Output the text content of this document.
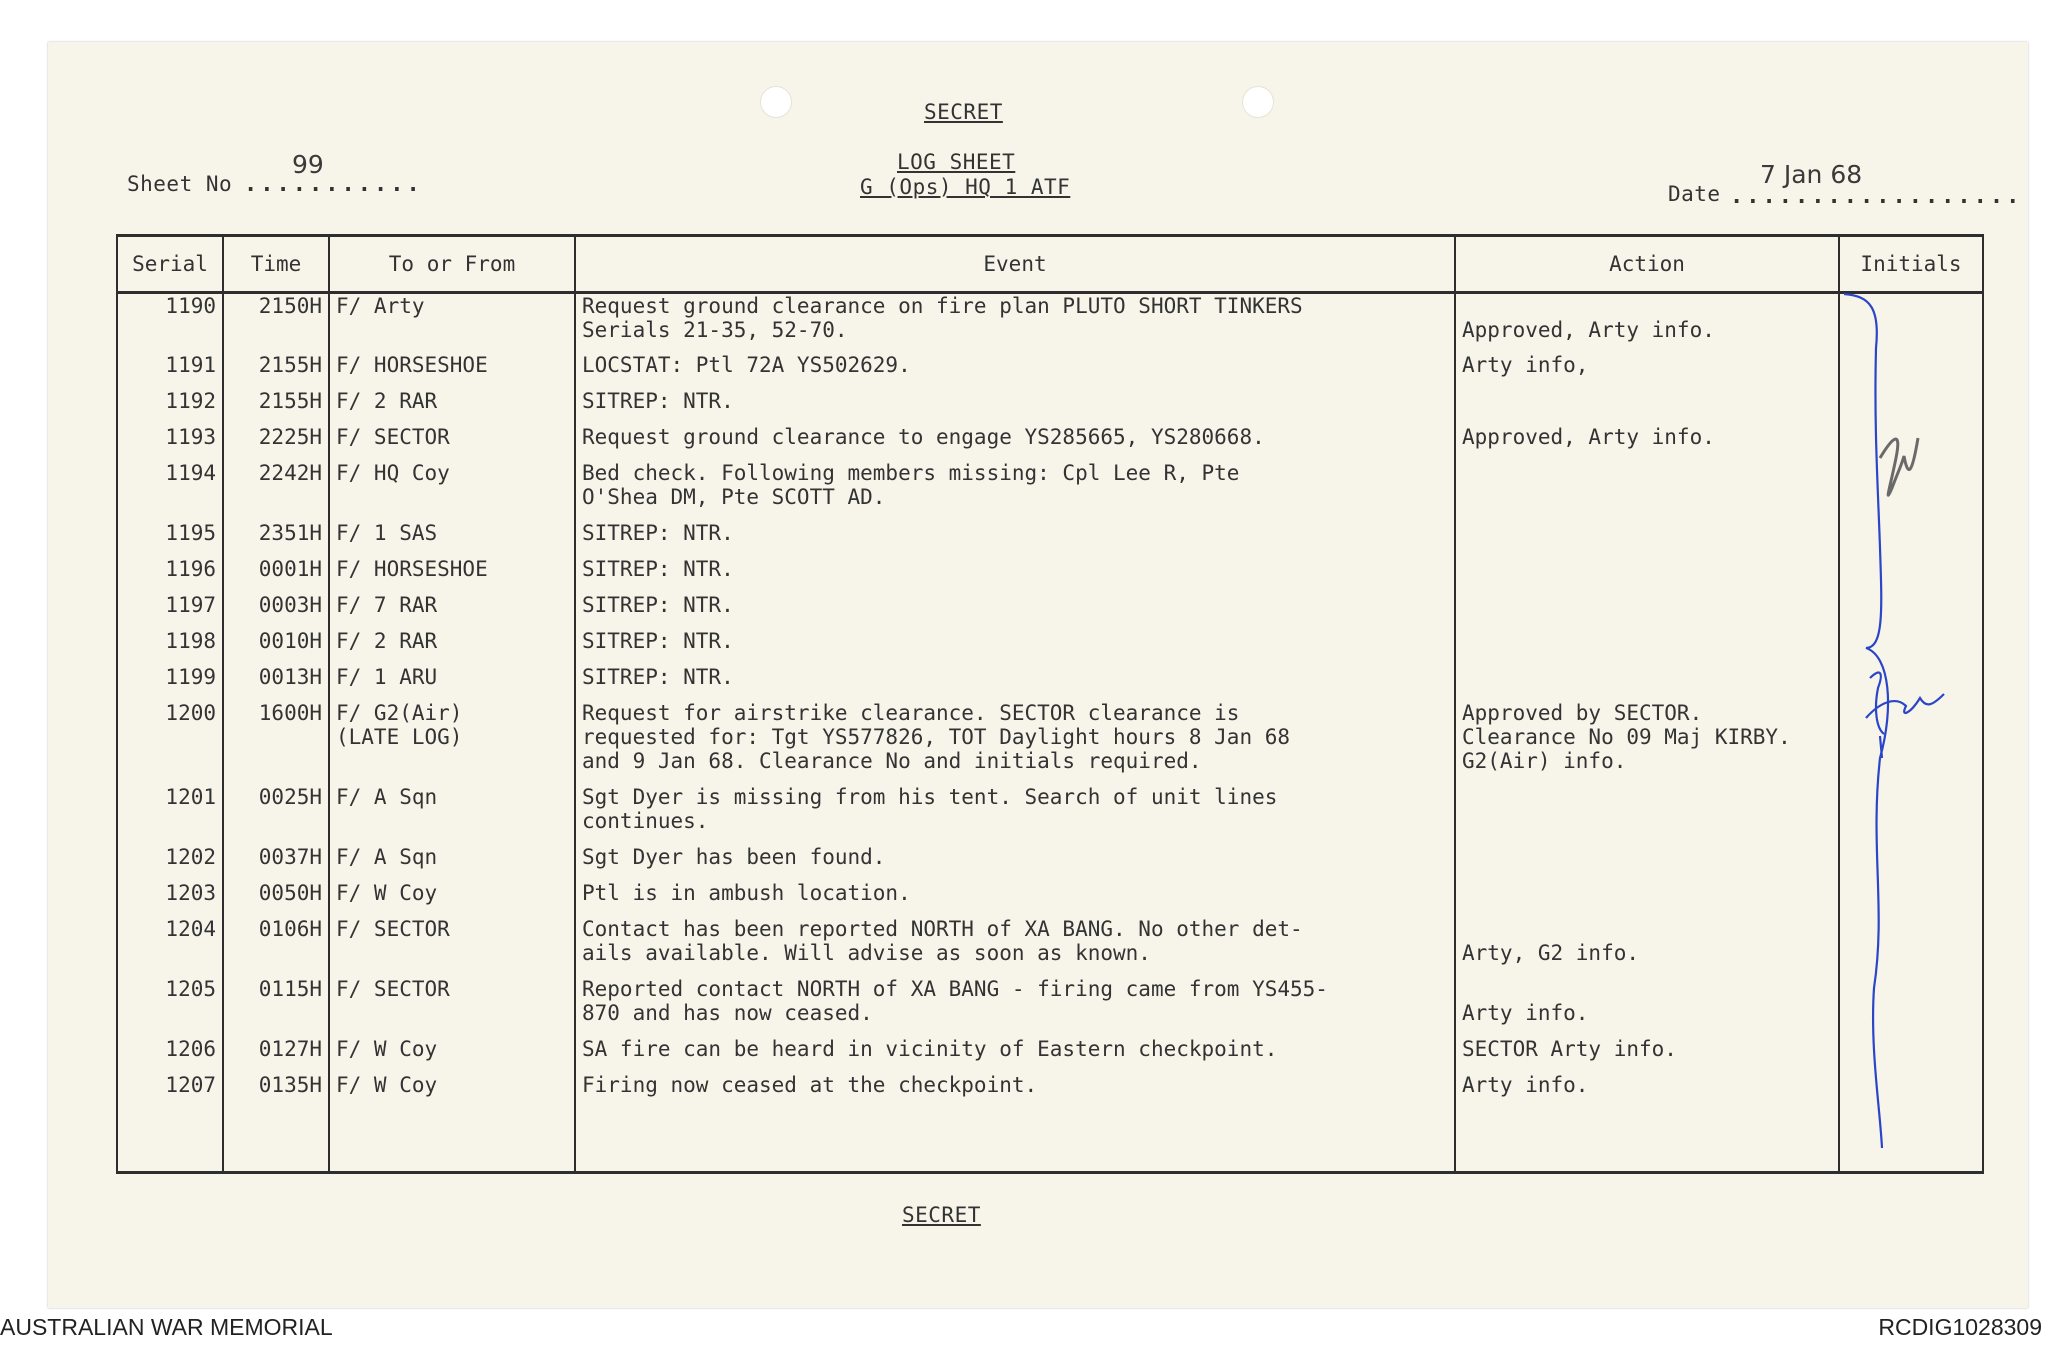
SECRET
LOG SHEET
G (Ops) HQ 1 ATF
Sheet No ...........
99
Date ..................
7 Jan 68
Serial	Time	To or From	Event	Action	Initials

1190	2150H	F/ Arty	Request ground clearance on fire plan PLUTO SHORT TINKERS
Serials 21-35, 52-70.	Approved, Arty info.	

1191	2155H	F/ HORSESHOE	LOCSTAT: Ptl 72A YS502629.	Arty info,	

1192	2155H	F/ 2 RAR	SITREP: NTR.		

1193	2225H	F/ SECTOR	Request ground clearance to engage YS285665, YS280668.	Approved, Arty info.	

1194	2242H	F/ HQ Coy	Bed check. Following members missing: Cpl Lee R, Pte
O'Shea DM, Pte SCOTT AD.		

1195	2351H	F/ 1 SAS	SITREP: NTR.		

1196	0001H	F/ HORSESHOE	SITREP: NTR.		

1197	0003H	F/ 7 RAR	SITREP: NTR.		

1198	0010H	F/ 2 RAR	SITREP: NTR.		

1199	0013H	F/ 1 ARU	SITREP: NTR.		

1200	1600H	F/ G2(Air)
(LATE LOG)	Request for airstrike clearance. SECTOR clearance is
requested for: Tgt YS577826, TOT Daylight hours 8 Jan 68
and 9 Jan 68. Clearance No and initials required.	Approved by SECTOR.
Clearance No 09 Maj KIRBY.
G2(Air) info.	

1201	0025H	F/ A Sqn	Sgt Dyer is missing from his tent. Search of unit lines
continues.		

1202	0037H	F/ A Sqn	Sgt Dyer has been found.		

1203	0050H	F/ W Coy	Ptl is in ambush location.		

1204	0106H	F/ SECTOR	Contact has been reported NORTH of XA BANG. No other det-
ails available. Will advise as soon as known.	Arty, G2 info.	

1205	0115H	F/ SECTOR	Reported contact NORTH of XA BANG - firing came from YS455-
870 and has now ceased.	Arty info.	

1206	0127H	F/ W Coy	SA fire can be heard in vicinity of Eastern checkpoint.	SECTOR Arty info.	

1207	0135H	F/ W Coy	Firing now ceased at the checkpoint.	Arty info.	

SECRET
AUSTRALIAN WAR MEMORIAL	RCDIG1028309
